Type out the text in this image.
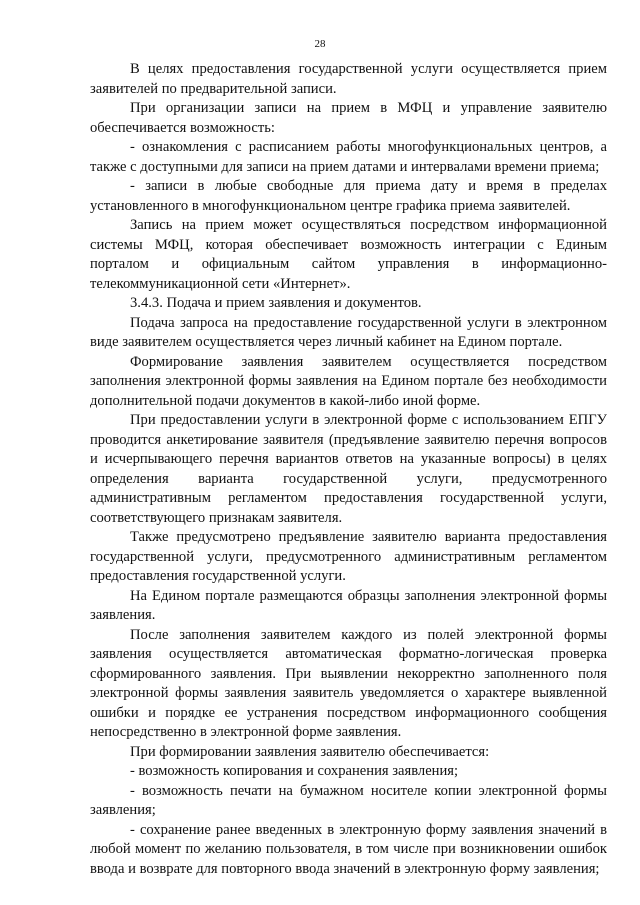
28

В целях предоставления государственной услуги осуществляется прием заявителей по предварительной записи.

При организации записи на прием в МФЦ и управление заявителю обеспечивается возможность:

- ознакомления с расписанием работы многофункциональных центров, а также с доступными для записи на прием датами и интервалами времени приема;

- записи в любые свободные для приема дату и время в пределах установленного в многофункциональном центре графика приема заявителей.

Запись на прием может осуществляться посредством информационной системы МФЦ, которая обеспечивает возможность интеграции с Единым порталом и официальным сайтом управления в информационно-телекоммуникационной сети «Интернет».

3.4.3. Подача и прием заявления и документов.

Подача запроса на предоставление государственной услуги в электронном виде заявителем осуществляется через личный кабинет на Едином портале.

Формирование заявления заявителем осуществляется посредством заполнения электронной формы заявления на Едином портале без необходимости дополнительной подачи документов в какой-либо иной форме.

При предоставлении услуги в электронной форме с использованием ЕПГУ проводится анкетирование заявителя (предъявление заявителю перечня вопросов и исчерпывающего перечня вариантов ответов на указанные вопросы) в целях определения варианта государственной услуги, предусмотренного административным регламентом предоставления государственной услуги, соответствующего признакам заявителя.

Также предусмотрено предъявление заявителю варианта предоставления государственной услуги, предусмотренного административным регламентом предоставления государственной услуги.

На Едином портале размещаются образцы заполнения электронной формы заявления.

После заполнения заявителем каждого из полей электронной формы заявления осуществляется автоматическая форматно-логическая проверка сформированного заявления. При выявлении некорректно заполненного поля электронной формы заявления заявитель уведомляется о характере выявленной ошибки и порядке ее устранения посредством информационного сообщения непосредственно в электронной форме заявления.

При формировании заявления заявителю обеспечивается:

- возможность копирования и сохранения заявления;

- возможность печати на бумажном носителе копии электронной формы заявления;

- сохранение ранее введенных в электронную форму заявления значений в любой момент по желанию пользователя, в том числе при возникновении ошибок ввода и возврате для повторного ввода значений в электронную форму заявления;
